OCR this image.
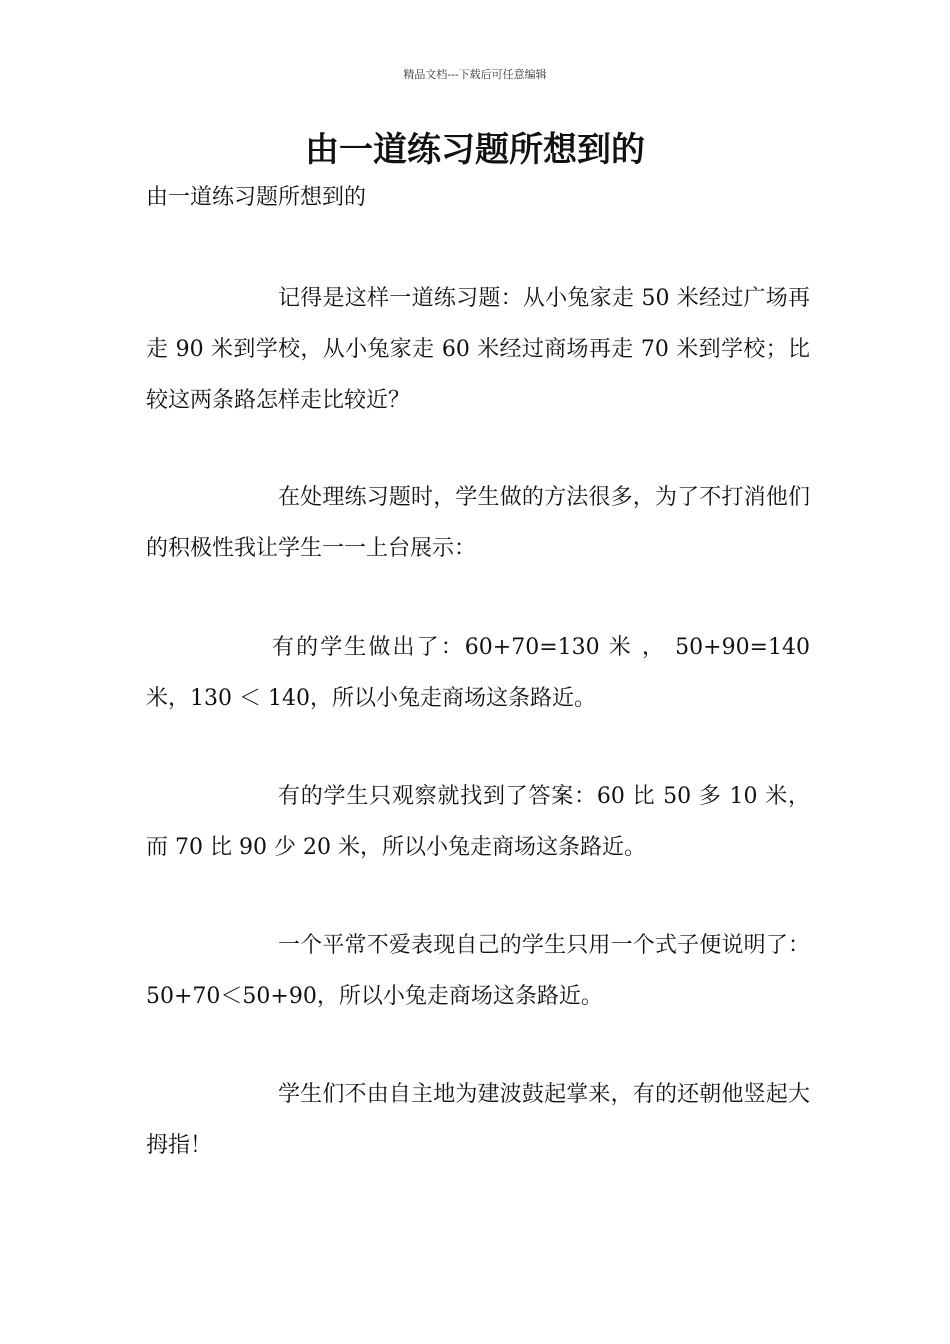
精品文档---下载后可任意编辑
由一道练习题所想到的
由一道练习题所想到的

记得是这样一道练习题：从小兔家走 50 米经过广场再走 90 米到学校，从小兔家走 60 米经过商场再走 70 米到学校；比较这两条路怎样走比较近？

在处理练习题时，学生做的方法很多，为了不打消他们的积极性我让学生一一上台展示：

有的学生做出了：60+70=130 米 ， 50+90=140 米，130 ＜ 140，所以小兔走商场这条路近。

有的学生只观察就找到了答案：60 比 50 多 10 米，而 70 比 90 少 20 米，所以小兔走商场这条路近。

一个平常不爱表现自己的学生只用一个式子便说明了：50+70＜50+90，所以小兔走商场这条路近。

学生们不由自主地为建波鼓起掌来，有的还朝他竖起大拇指！
